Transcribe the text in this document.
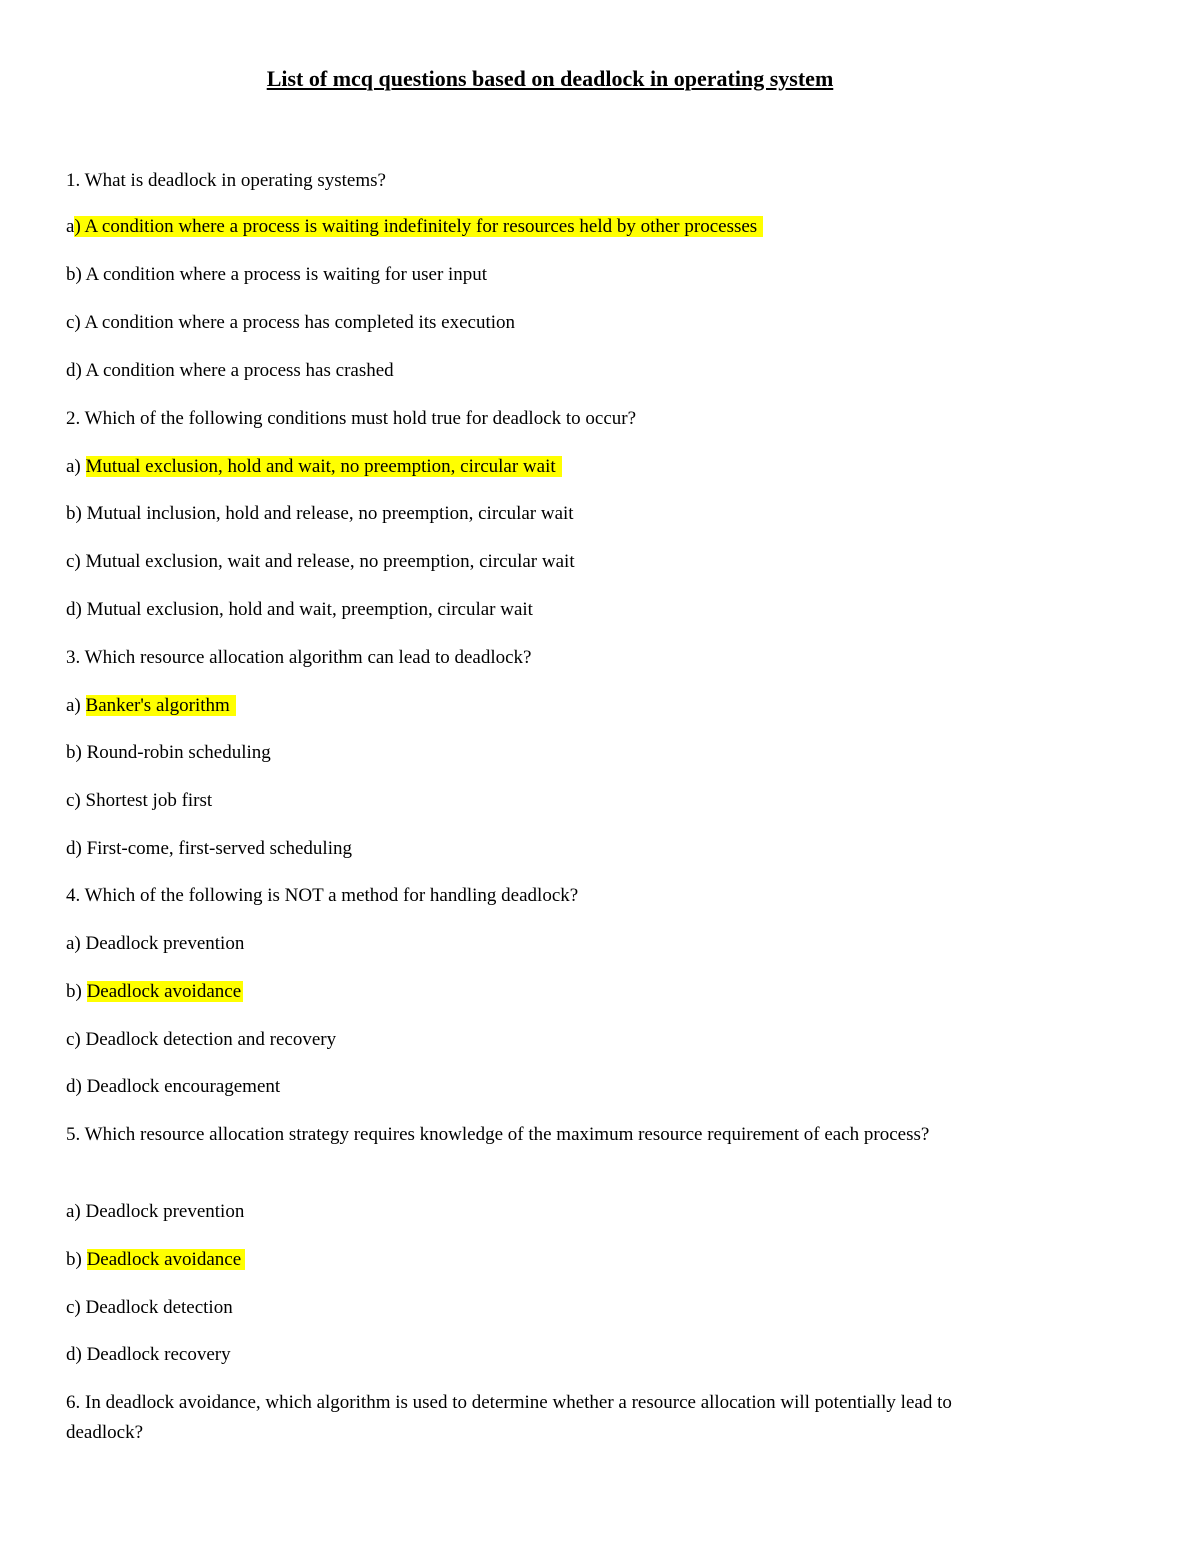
List of mcq questions based on deadlock in operating system
1. What is deadlock in operating systems?
a) A condition where a process is waiting indefinitely for resources held by other processes
b) A condition where a process is waiting for user input
c) A condition where a process has completed its execution
d) A condition where a process has crashed
2. Which of the following conditions must hold true for deadlock to occur?
a) Mutual exclusion, hold and wait, no preemption, circular wait
b) Mutual inclusion, hold and release, no preemption, circular wait
c) Mutual exclusion, wait and release, no preemption, circular wait
d) Mutual exclusion, hold and wait, preemption, circular wait
3. Which resource allocation algorithm can lead to deadlock?
a) Banker's algorithm
b) Round-robin scheduling
c) Shortest job first
d) First-come, first-served scheduling
4. Which of the following is NOT a method for handling deadlock?
a) Deadlock prevention
b) Deadlock avoidance
c) Deadlock detection and recovery
d) Deadlock encouragement
5. Which resource allocation strategy requires knowledge of the maximum resource requirement of each process?
a) Deadlock prevention
b) Deadlock avoidance
c) Deadlock detection
d) Deadlock recovery
6. In deadlock avoidance, which algorithm is used to determine whether a resource allocation will potentially lead to deadlock?
